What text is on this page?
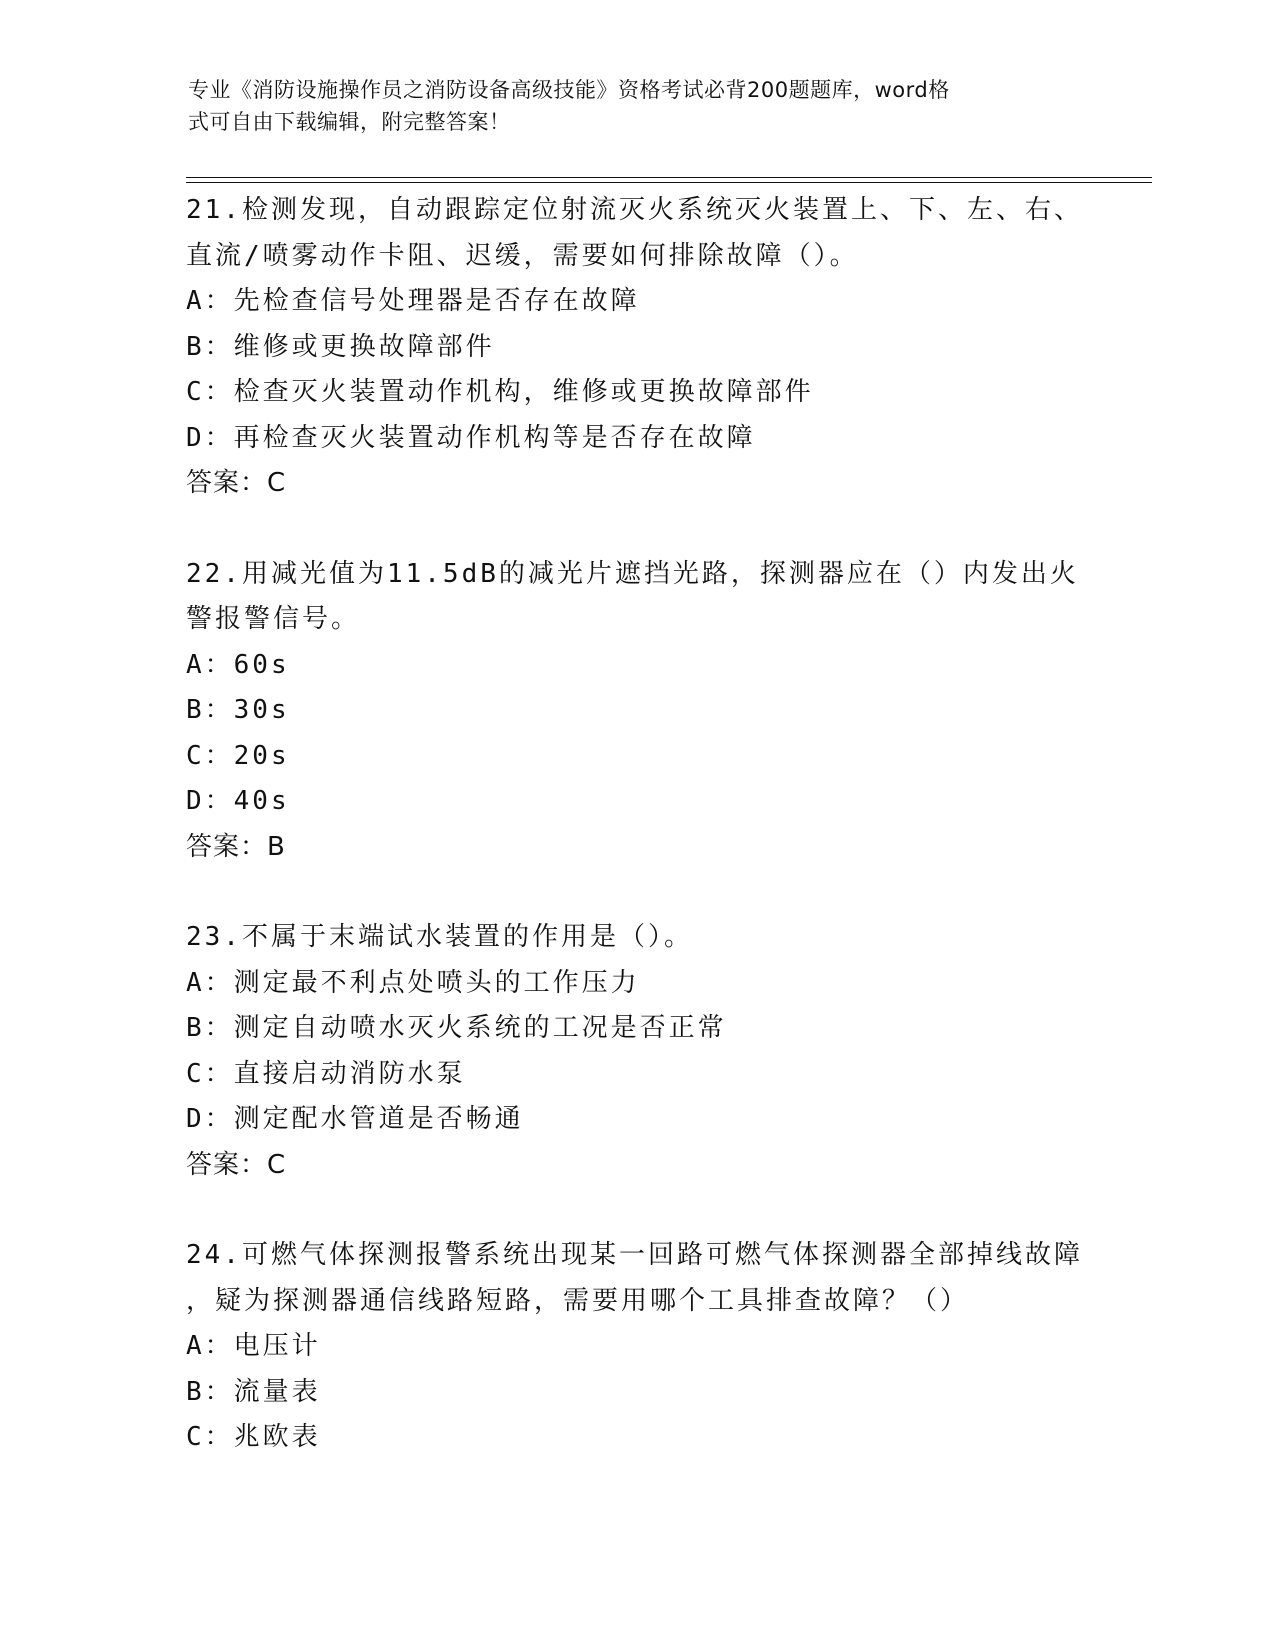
专业《消防设施操作员之消防设备高级技能》资格考试必背200题题库，word格
式可自由下载编辑，附完整答案！

21.检测发现，自动跟踪定位射流灭火系统灭火装置上、下、左、右、

直流/喷雾动作卡阻、迟缓，需要如何排除故障（）。

A：先检查信号处理器是否存在故障

B：维修或更换故障部件

C：检查灭火装置动作机构，维修或更换故障部件

D：再检查灭火装置动作机构等是否存在故障

答案：C

22.用减光值为11.5dB的减光片遮挡光路，探测器应在（）内发出火

警报警信号。

A：60s

B：30s

C：20s

D：40s

答案：B

23.不属于末端试水装置的作用是（）。

A：测定最不利点处喷头的工作压力

B：测定自动喷水灭火系统的工况是否正常

C：直接启动消防水泵

D：测定配水管道是否畅通

答案：C

24.可燃气体探测报警系统出现某一回路可燃气体探测器全部掉线故障

，疑为探测器通信线路短路，需要用哪个工具排查故障？（）

A：电压计

B：流量表

C：兆欧表
